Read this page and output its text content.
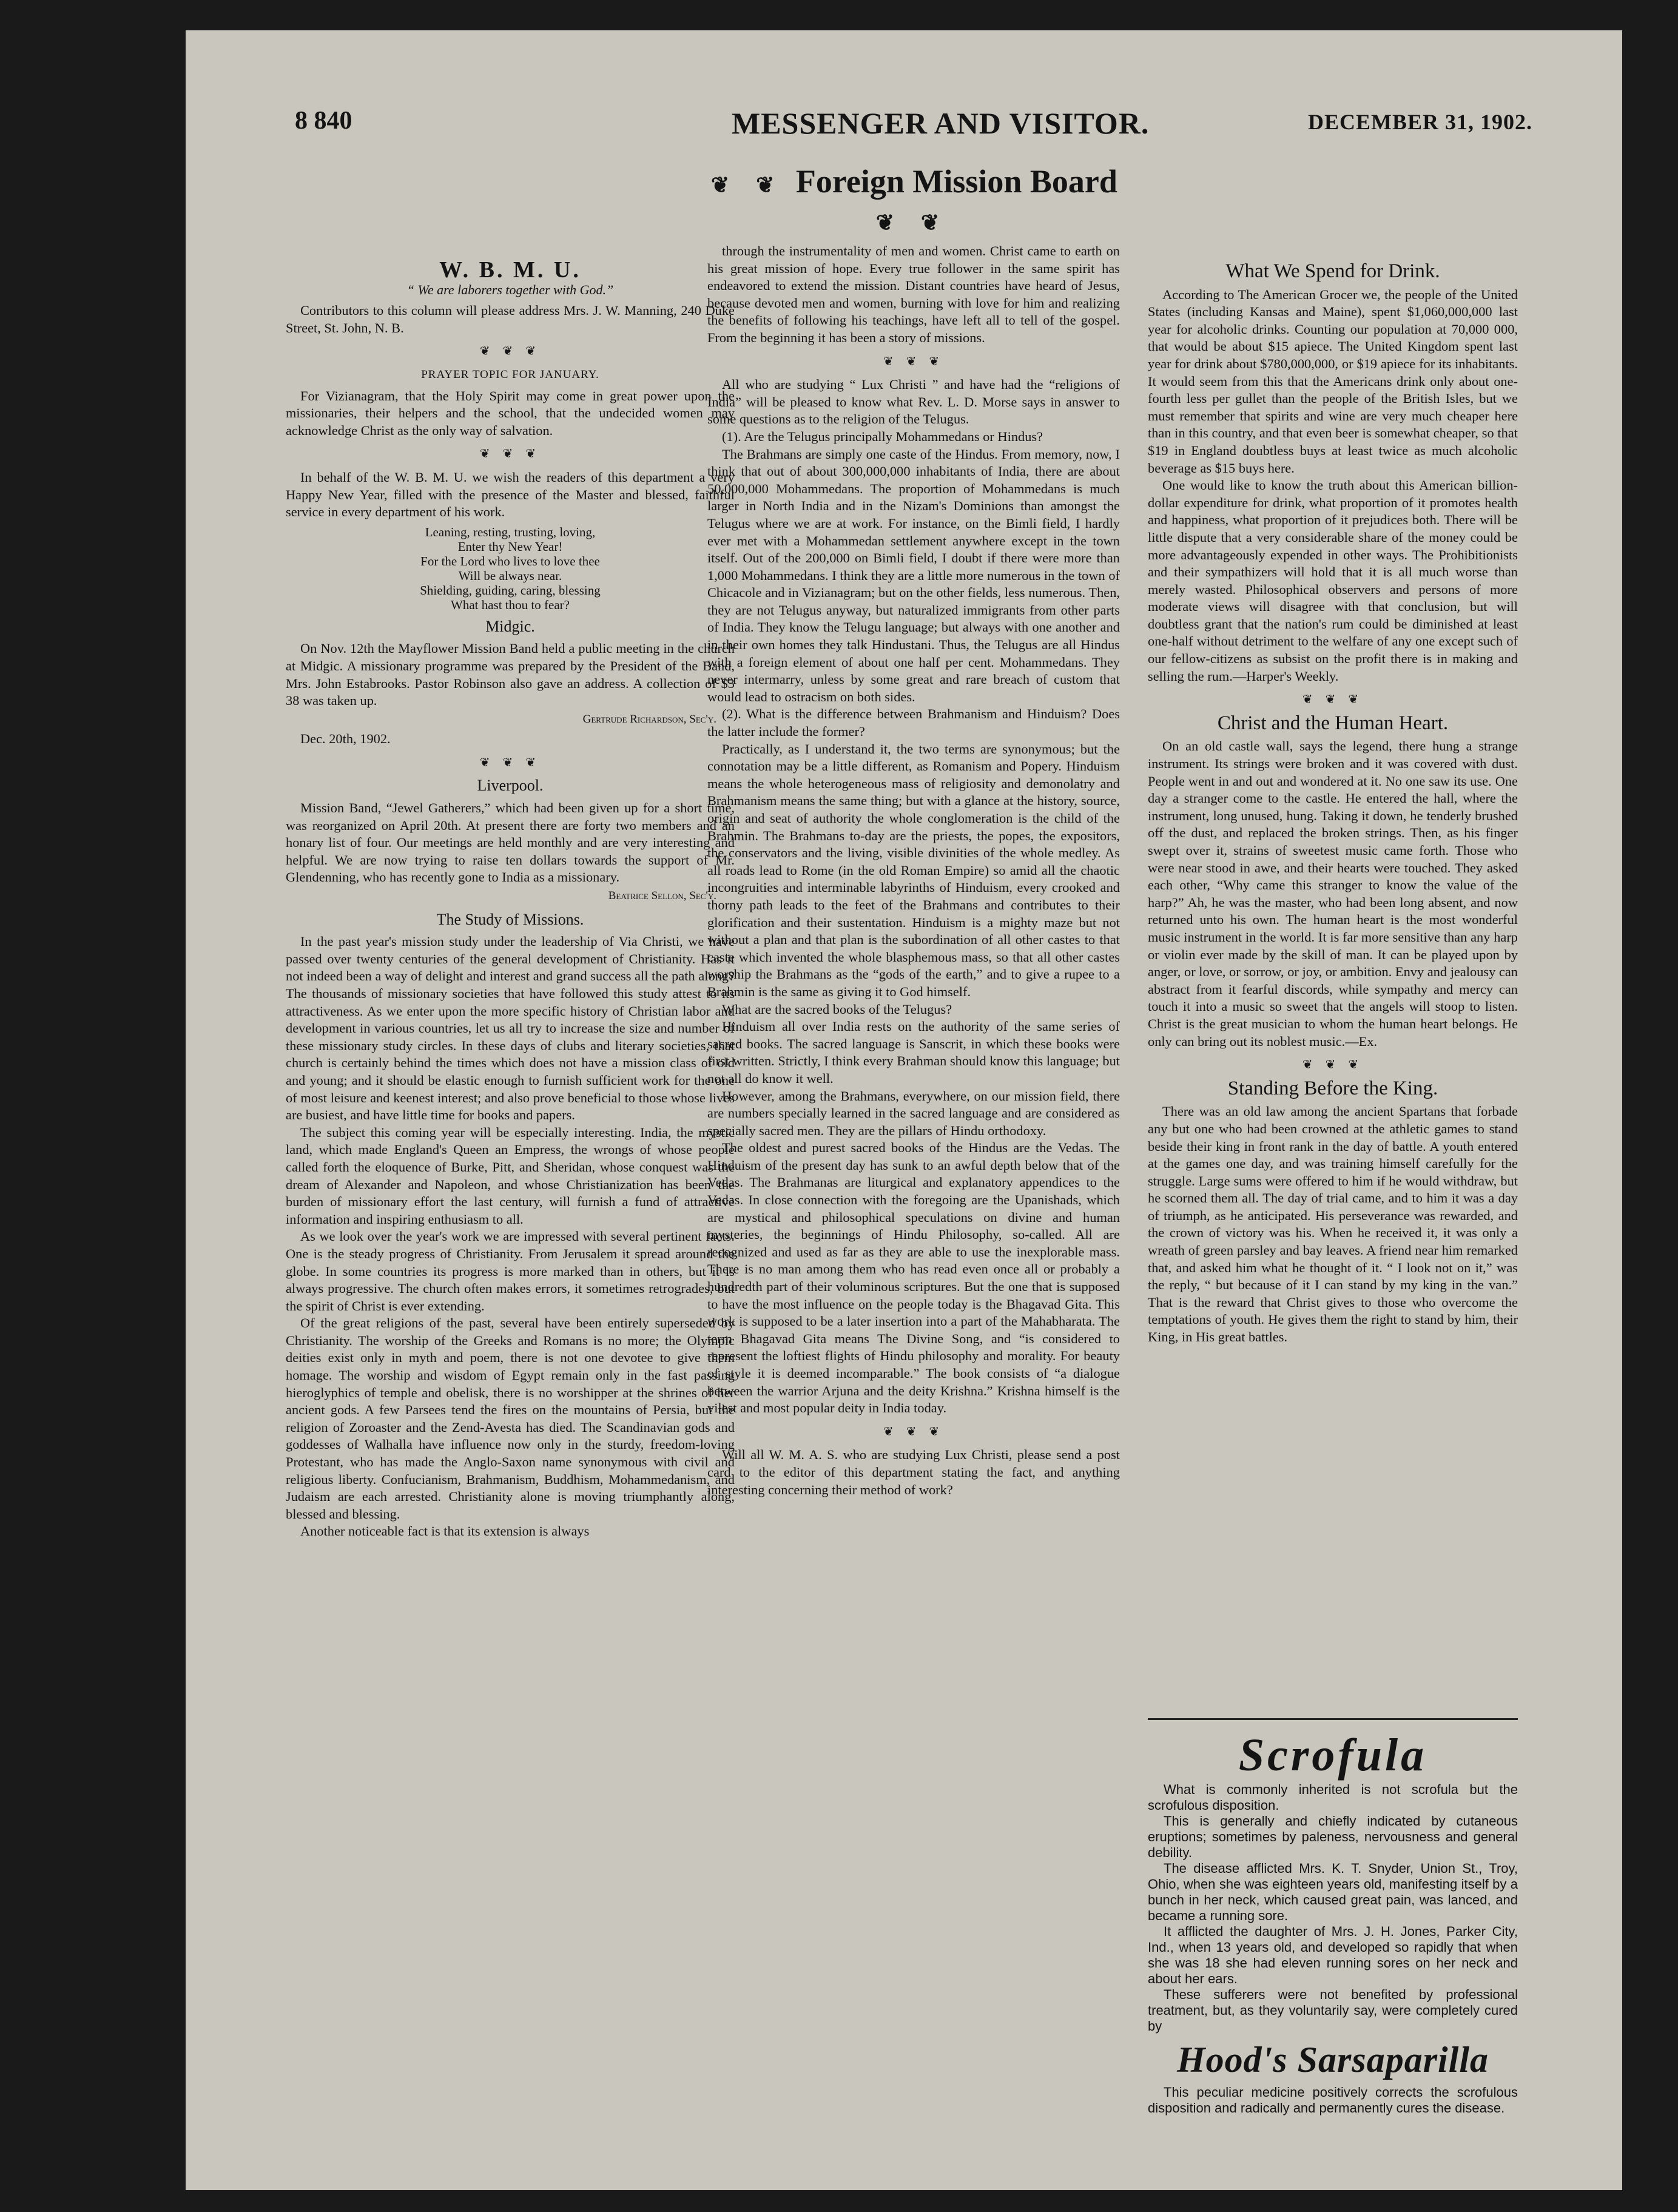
8 840	MESSENGER AND VISITOR.	DECEMBER 31, 1902.
❦ ❦ Foreign Mission Board ❦ ❦
W. B. M. U.
“ We are laborers together with God.”

Contributors to this column will please address Mrs. J. W. Manning, 240 Duke Street, St. John, N. B.

❦ ❦ ❦
PRAYER TOPIC FOR JANUARY.

For Vizianagram, that the Holy Spirit may come in great power upon the missionaries, their helpers and the school, that the undecided women may acknowledge Christ as the only way of salvation.

❦ ❦ ❦

In behalf of the W. B. M. U. we wish the readers of this department a very Happy New Year, filled with the presence of the Master and blessed, faithful service in every department of his work.

Leaning, resting, trusting, loving,
Enter thy New Year!
For the Lord who lives to love thee
Will be always near.
Shielding, guiding, caring, blessing
What hast thou to fear?
Midgic.

On Nov. 12th the Mayflower Mission Band held a public meeting in the church at Midgic. A missionary programme was prepared by the President of the Band, Mrs. John Estabrooks. Pastor Robinson also gave an address. A collection of $3 38 was taken up.

Gertrude Richardson, Sec'y.

Dec. 20th, 1902.

❦ ❦ ❦
Liverpool.

Mission Band, “Jewel Gatherers,” which had been given up for a short time, was reorganized on April 20th. At present there are forty two members and an honary list of four. Our meetings are held monthly and are very interesting and helpful. We are now trying to raise ten dollars towards the support of Mr. Glendenning, who has recently gone to India as a missionary.

Beatrice Sellon, Sec'y.
The Study of Missions.

In the past year's mission study under the leadership of Via Christi, we have passed over twenty centuries of the general development of Christianity. Has it not indeed been a way of delight and interest and grand success all the path along? The thousands of missionary societies that have followed this study attest to its attractiveness. As we enter upon the more specific history of Christian labor and development in various countries, let us all try to increase the size and number of these missionary study circles. In these days of clubs and literary societies, that church is certainly behind the times which does not have a mission class of old and young; and it should be elastic enough to furnish sufficient work for the one of most leisure and keenest interest; and also prove beneficial to those whose lives are busiest, and have little time for books and papers.

The subject this coming year will be especially interesting. India, the mystic land, which made England's Queen an Empress, the wrongs of whose people called forth the eloquence of Burke, Pitt, and Sheridan, whose conquest was the dream of Alexander and Napoleon, and whose Christianization has been the burden of missionary effort the last century, will furnish a fund of attractive information and inspiring enthusiasm to all.

As we look over the year's work we are impressed with several pertinent facts. One is the steady progress of Christianity. From Jerusalem it spread around the globe. In some countries its progress is more marked than in others, but it is always progressive. The church often makes errors, it sometimes retrogrades, but the spirit of Christ is ever extending.

Of the great religions of the past, several have been entirely superseded by Christianity. The worship of the Greeks and Romans is no more; the Olympic deities exist only in myth and poem, there is not one devotee to give them homage. The worship and wisdom of Egypt remain only in the fast passing hieroglyphics of temple and obelisk, there is no worshipper at the shrines of her ancient gods. A few Parsees tend the fires on the mountains of Persia, but the religion of Zoroaster and the Zend-Avesta has died. The Scandinavian gods and goddesses of Walhalla have influence now only in the sturdy, freedom-loving Protestant, who has made the Anglo-Saxon name synonymous with civil and religious liberty. Confucianism, Brahmanism, Buddhism, Mohammedanism, and Judaism are each arrested. Christianity alone is moving triumphantly along, blessed and blessing.

Another noticeable fact is that its extension is always

through the instrumentality of men and women. Christ came to earth on his great mission of hope. Every true follower in the same spirit has endeavored to extend the mission. Distant countries have heard of Jesus, because devoted men and women, burning with love for him and realizing the benefits of following his teachings, have left all to tell of the gospel. From the beginning it has been a story of missions.

❦ ❦ ❦

All who are studying “ Lux Christi ” and have had the “religions of India” will be pleased to know what Rev. L. D. Morse says in answer to some questions as to the religion of the Telugus.

(1). Are the Telugus principally Mohammedans or Hindus?

The Brahmans are simply one caste of the Hindus. From memory, now, I think that out of about 300,000,000 inhabitants of India, there are about 50,000,000 Mohammedans. The proportion of Mohammedans is much larger in North India and in the Nizam's Dominions than amongst the Telugus where we are at work. For instance, on the Bimli field, I hardly ever met with a Mohammedan settlement anywhere except in the town itself. Out of the 200,000 on Bimli field, I doubt if there were more than 1,000 Mohammedans. I think they are a little more numerous in the town of Chicacole and in Vizianagram; but on the other fields, less numerous. Then, they are not Telugus anyway, but naturalized immigrants from other parts of India. They know the Telugu language; but always with one another and in their own homes they talk Hindustani. Thus, the Telugus are all Hindus with a foreign element of about one half per cent. Mohammedans. They never intermarry, unless by some great and rare breach of custom that would lead to ostracism on both sides.

(2). What is the difference between Brahmanism and Hinduism? Does the latter include the former?

Practically, as I understand it, the two terms are synonymous; but the connotation may be a little different, as Romanism and Popery. Hinduism means the whole heterogeneous mass of religiosity and demonolatry and Brahmanism means the same thing; but with a glance at the history, source, origin and seat of authority the whole conglomeration is the child of the Brahmin. The Brahmans to-day are the priests, the popes, the expositors, the conservators and the living, visible divinities of the whole medley. As all roads lead to Rome (in the old Roman Empire) so amid all the chaotic incongruities and interminable labyrinths of Hinduism, every crooked and thorny path leads to the feet of the Brahmans and contributes to their glorification and their sustentation. Hinduism is a mighty maze but not without a plan and that plan is the subordination of all other castes to that caste which invented the whole blasphemous mass, so that all other castes worship the Brahmans as the “gods of the earth,” and to give a rupee to a Brahmin is the same as giving it to God himself.

What are the sacred books of the Telugus?

Hinduism all over India rests on the authority of the same series of sacred books. The sacred language is Sanscrit, in which these books were first written. Strictly, I think every Brahman should know this language; but not all do know it well.

However, among the Brahmans, everywhere, on our mission field, there are numbers specially learned in the sacred language and are considered as specially sacred men. They are the pillars of Hindu orthodoxy.

The oldest and purest sacred books of the Hindus are the Vedas. The Hinduism of the present day has sunk to an awful depth below that of the Vedas. The Brahmanas are liturgical and explanatory appendices to the Vedas. In close connection with the foregoing are the Upanishads, which are mystical and philosophical speculations on divine and human mysteries, the beginnings of Hindu Philosophy, so-called. All are recognized and used as far as they are able to use the inexplorable mass. There is no man among them who has read even once all or probably a hundredth part of their voluminous scriptures. But the one that is supposed to have the most influence on the people today is the Bhagavad Gita. This work is supposed to be a later insertion into a part of the Mahabharata. The term Bhagavad Gita means The Divine Song, and “is considered to represent the loftiest flights of Hindu philosophy and morality. For beauty of style it is deemed incomparable.” The book consists of “a dialogue between the warrior Arjuna and the deity Krishna.” Krishna himself is the vilest and most popular deity in India today.

❦ ❦ ❦

Will all W. M. A. S. who are studying Lux Christi, please send a post card to the editor of this department stating the fact, and anything interesting concerning their method of work?

What We Spend for Drink.

According to The American Grocer we, the people of the United States (including Kansas and Maine), spent $1,060,000,000 last year for alcoholic drinks. Counting our population at 70,000 000, that would be about $15 apiece. The United Kingdom spent last year for drink about $780,000,000, or $19 apiece for its inhabitants. It would seem from this that the Americans drink only about one-fourth less per gullet than the people of the British Isles, but we must remember that spirits and wine are very much cheaper here than in this country, and that even beer is somewhat cheaper, so that $19 in England doubtless buys at least twice as much alcoholic beverage as $15 buys here.

One would like to know the truth about this American billion-dollar expenditure for drink, what proportion of it promotes health and happiness, what proportion of it prejudices both. There will be little dispute that a very considerable share of the money could be more advantageously expended in other ways. The Prohibitionists and their sympathizers will hold that it is all much worse than merely wasted. Philosophical observers and persons of more moderate views will disagree with that conclusion, but will doubtless grant that the nation's rum could be diminished at least one-half without detriment to the welfare of any one except such of our fellow-citizens as subsist on the profit there is in making and selling the rum.—Harper's Weekly.

❦ ❦ ❦
Christ and the Human Heart.

On an old castle wall, says the legend, there hung a strange instrument. Its strings were broken and it was covered with dust. People went in and out and wondered at it. No one saw its use. One day a stranger come to the castle. He entered the hall, where the instrument, long unused, hung. Taking it down, he tenderly brushed off the dust, and replaced the broken strings. Then, as his finger swept over it, strains of sweetest music came forth. Those who were near stood in awe, and their hearts were touched. They asked each other, “Why came this stranger to know the value of the harp?” Ah, he was the master, who had been long absent, and now returned unto his own. The human heart is the most wonderful music instrument in the world. It is far more sensitive than any harp or violin ever made by the skill of man. It can be played upon by anger, or love, or sorrow, or joy, or ambition. Envy and jealousy can abstract from it fearful discords, while sympathy and mercy can touch it into a music so sweet that the angels will stoop to listen. Christ is the great musician to whom the human heart belongs. He only can bring out its noblest music.—Ex.

❦ ❦ ❦
Standing Before the King.

There was an old law among the ancient Spartans that forbade any but one who had been crowned at the athletic games to stand beside their king in front rank in the day of battle. A youth entered at the games one day, and was training himself carefully for the struggle. Large sums were offered to him if he would withdraw, but he scorned them all. The day of trial came, and to him it was a day of triumph, as he anticipated. His perseverance was rewarded, and the crown of victory was his. When he received it, it was only a wreath of green parsley and bay leaves. A friend near him remarked that, and asked him what he thought of it. “ I look not on it,” was the reply, “ but because of it I can stand by my king in the van.” That is the reward that Christ gives to those who overcome the temptations of youth. He gives them the right to stand by him, their King, in His great battles.

Scrofula

What is commonly inherited is not scrofula but the scrofulous disposition.

This is generally and chiefly indicated by cutaneous eruptions; sometimes by paleness, nervousness and general debility.

The disease afflicted Mrs. K. T. Snyder, Union St., Troy, Ohio, when she was eighteen years old, manifesting itself by a bunch in her neck, which caused great pain, was lanced, and became a running sore.

It afflicted the daughter of Mrs. J. H. Jones, Parker City, Ind., when 13 years old, and developed so rapidly that when she was 18 she had eleven running sores on her neck and about her ears.

These sufferers were not benefited by professional treatment, but, as they voluntarily say, were completely cured by

Hood's Sarsaparilla

This peculiar medicine positively corrects the scrofulous disposition and radically and permanently cures the disease.
